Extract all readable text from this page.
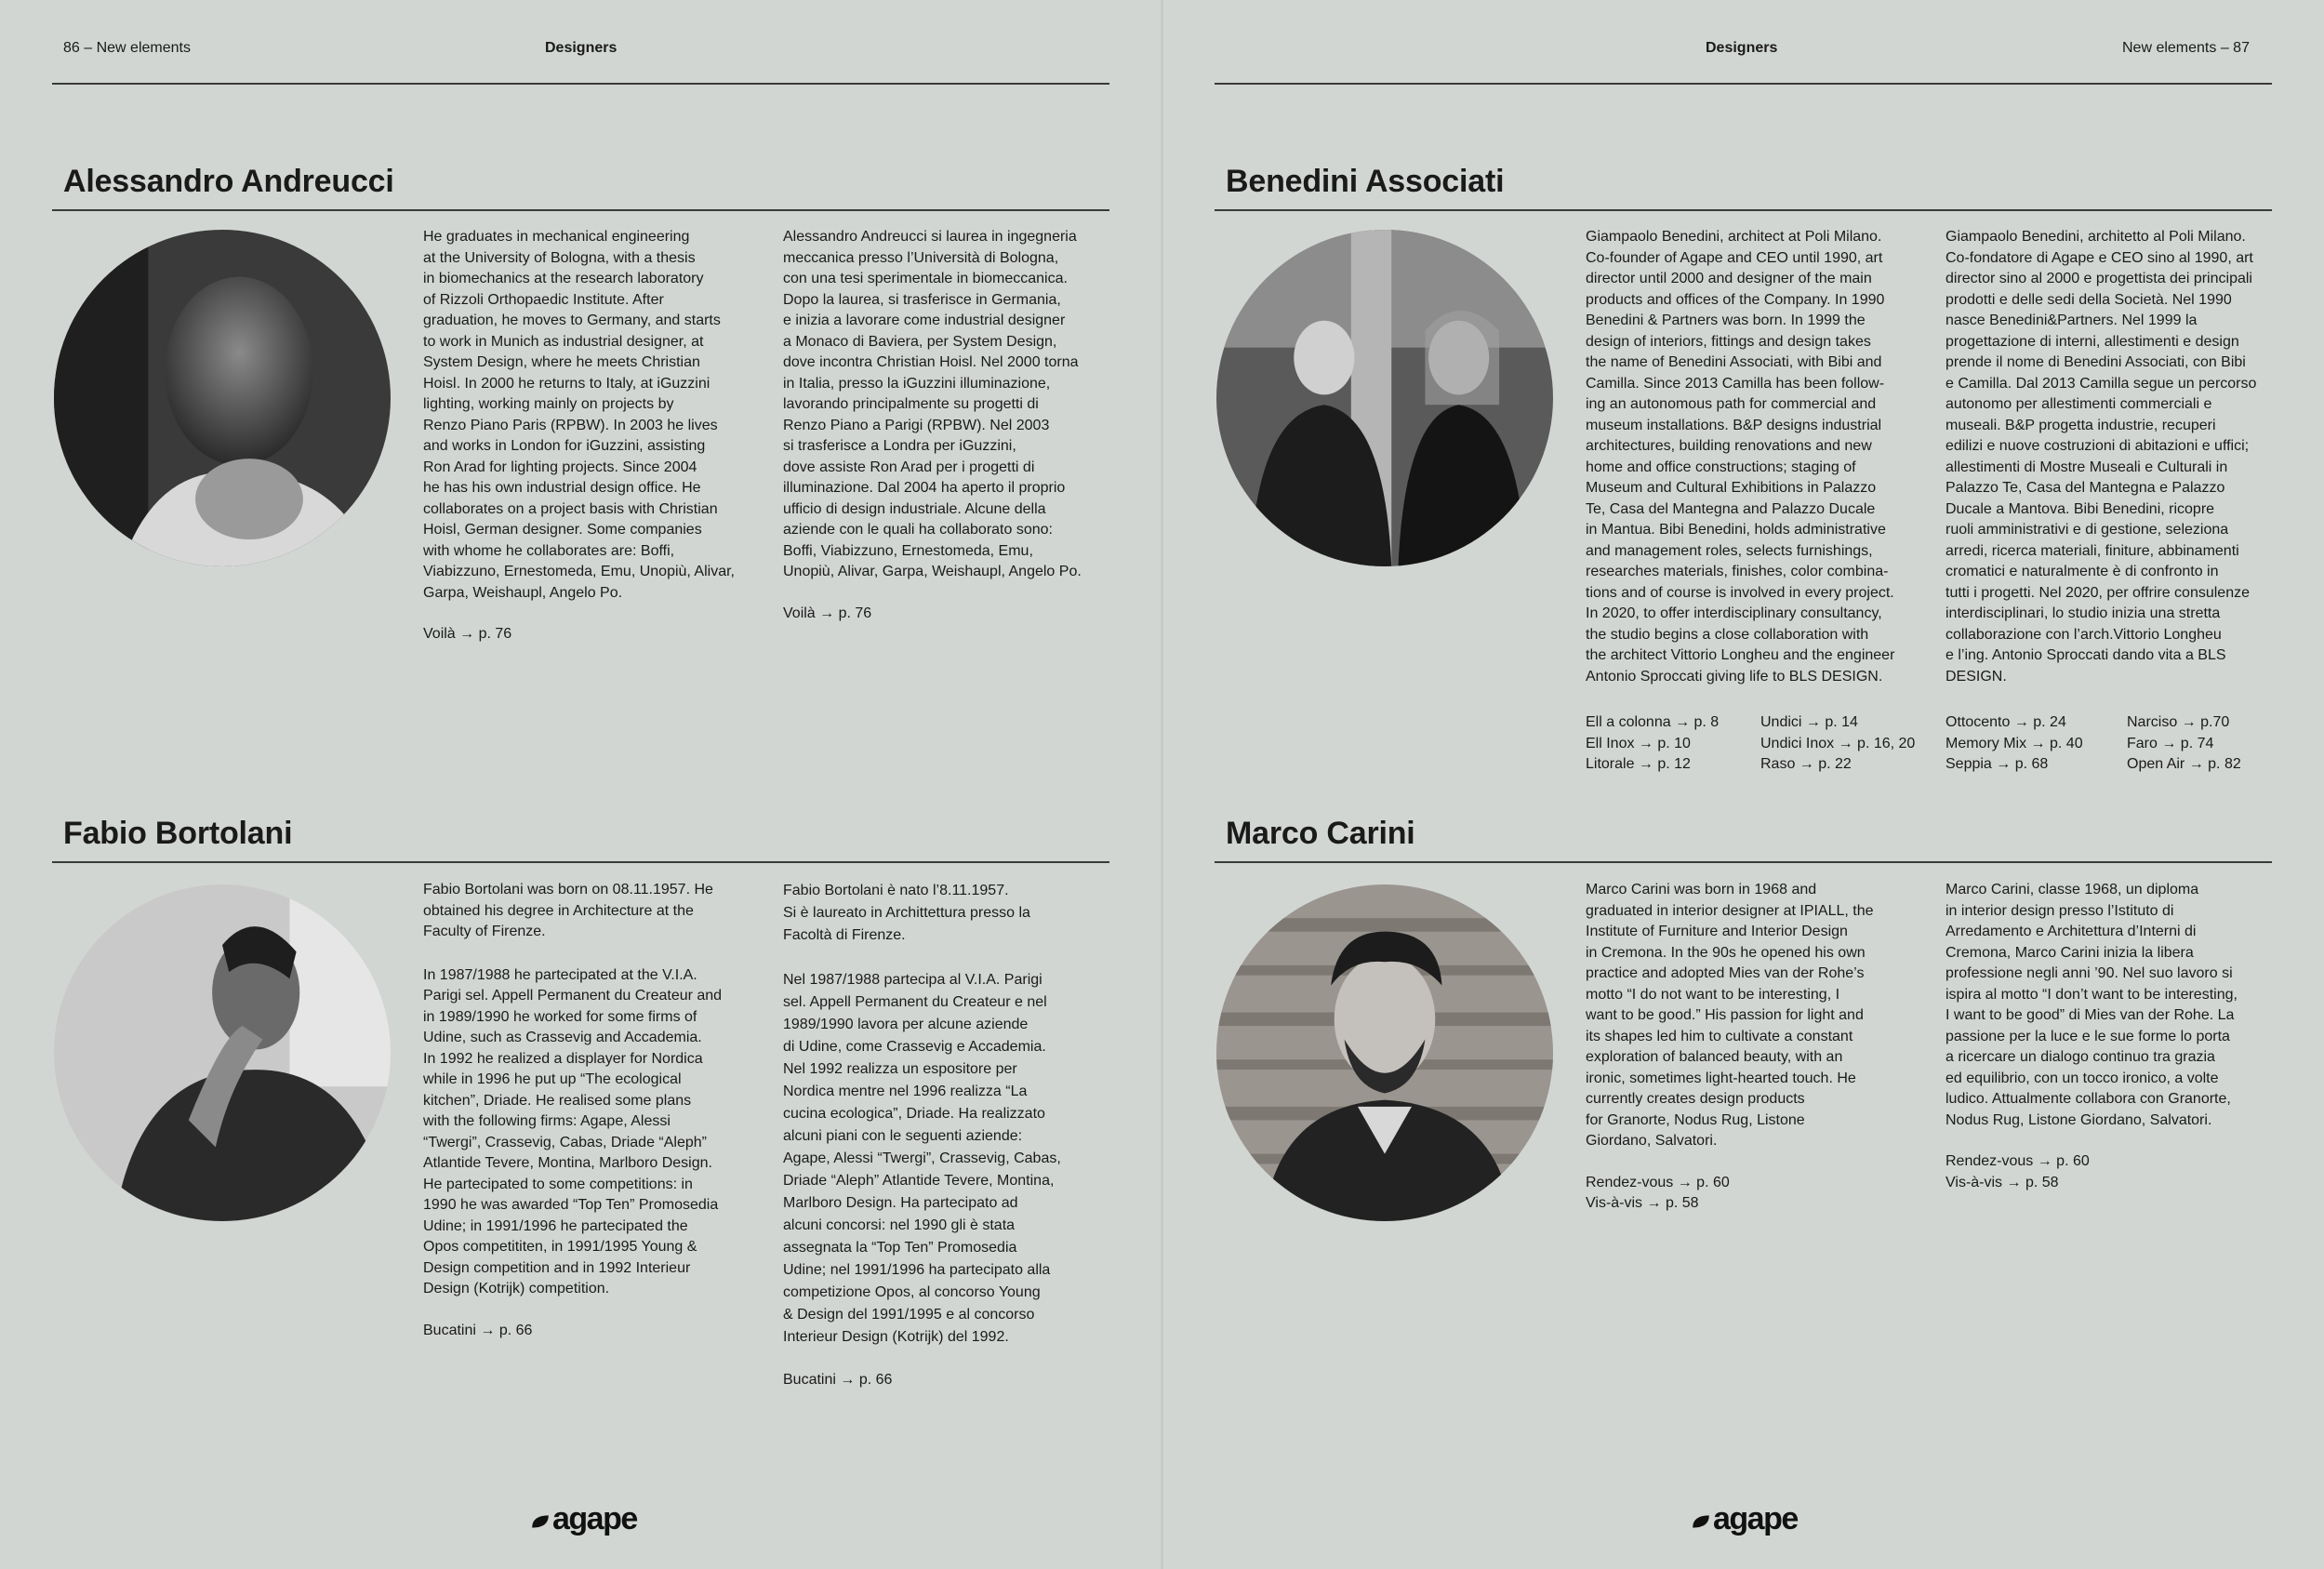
86 – New elements	Designers
Alessandro Andreucci

He graduates in mechanical engineering
at the University of Bologna, with a thesis
in biomechanics at the research laboratory
of Rizzoli Orthopaedic Institute. After
graduation, he moves to Germany, and starts
to work in Munich as industrial designer, at
System Design, where he meets Christian
Hoisl. In 2000 he returns to Italy, at iGuzzini
lighting, working mainly on projects by
Renzo Piano Paris (RPBW). In 2003 he lives
and works in London for iGuzzini, assisting
Ron Arad for lighting projects. Since 2004
he has his own industrial design office. He
collaborates on a project basis with Christian
Hoisl, German designer. Some companies
with whome he collaborates are: Boffi,
Viabizzuno, Ernestomeda, Emu, Unopiù, Alivar,
Garpa, Weishaupl, Angelo Po.

Voilà → p. 76

Alessandro Andreucci si laurea in ingegneria
meccanica presso l’Università di Bologna,
con una tesi sperimentale in biomeccanica.
Dopo la laurea, si trasferisce in Germania,
e inizia a lavorare come industrial designer
a Monaco di Baviera, per System Design,
dove incontra Christian Hoisl. Nel 2000 torna
in Italia, presso la iGuzzini illuminazione,
lavorando principalmente su progetti di
Renzo Piano a Parigi (RPBW). Nel 2003
si trasferisce a Londra per iGuzzini,
dove assiste Ron Arad per i progetti di
illuminazione. Dal 2004 ha aperto il proprio
ufficio di design industriale. Alcune della
aziende con le quali ha collaborato sono:
Boffi, Viabizzuno, Ernestomeda, Emu,
Unopiù, Alivar, Garpa, Weishaupl, Angelo Po.

Voilà → p. 76

Fabio Bortolani

Fabio Bortolani was born on 08.11.1957. He
obtained his degree in Architecture at the
Faculty of Firenze.

In 1987/1988 he partecipated at the V.I.A.
Parigi sel. Appell Permanent du Createur and
in 1989/1990 he worked for some firms of
Udine, such as Crassevig and Accademia.
In 1992 he realized a displayer for Nordica
while in 1996 he put up “The ecological
kitchen”, Driade. He realised some plans
with the following firms: Agape, Alessi
“Twergi”, Crassevig, Cabas, Driade “Aleph”
Atlantide Tevere, Montina, Marlboro Design.
He partecipated to some competitions: in
1990 he was awarded “Top Ten” Promosedia
Udine; in 1991/1996 he partecipated the
Opos competititen, in 1991/1995 Young &
Design competition and in 1992 Interieur
Design (Kotrijk) competition.

Bucatini → p. 66

Fabio Bortolani è nato l’8.11.1957.
Si è laureato in Archittettura presso la
Facoltà di Firenze.

Nel 1987/1988 partecipa al V.I.A. Parigi
sel. Appell Permanent du Createur e nel
1989/1990 lavora per alcune aziende
di Udine, come Crassevig e Accademia.
Nel 1992 realizza un espositore per
Nordica mentre nel 1996 realizza “La
cucina ecologica”, Driade. Ha realizzato
alcuni piani con le seguenti aziende:
Agape, Alessi “Twergi”, Crassevig, Cabas,
Driade “Aleph” Atlantide Tevere, Montina,
Marlboro Design. Ha partecipato ad
alcuni concorsi: nel 1990 gli è stata
assegnata la “Top Ten” Promosedia
Udine; nel 1991/1996 ha partecipato alla
competizione Opos, al concorso Young
& Design del 1991/1995 e al concorso
Interieur Design (Kotrijk) del 1992.

Bucatini → p. 66

agape
Designers	New elements – 87
Benedini Associati

Giampaolo Benedini, architect at Poli Milano.
Co-founder of Agape and CEO until 1990, art
director until 2000 and designer of the main
products and offices of the Company. In 1990
Benedini & Partners was born. In 1999 the
design of interiors, fittings and design takes
the name of Benedini Associati, with Bibi and
Camilla. Since 2013 Camilla has been follow-
ing an autonomous path for commercial and
museum installations. B&P designs industrial
architectures, building renovations and new
home and office constructions; staging of
Museum and Cultural Exhibitions in Palazzo
Te, Casa del Mantegna and Palazzo Ducale
in Mantua. Bibi Benedini, holds administrative
and management roles, selects furnishings,
researches materials, finishes, color combina-
tions and of course is involved in every project.
In 2020, to offer interdisciplinary consultancy,
the studio begins a close collaboration with
the architect Vittorio Longheu and the engineer
Antonio Sproccati giving life to BLS DESIGN.

Giampaolo Benedini, architetto al Poli Milano.
Co-fondatore di Agape e CEO sino al 1990, art
director sino al 2000 e progettista dei principali
prodotti e delle sedi della Società. Nel 1990
nasce Benedini&Partners. Nel 1999 la
progettazione di interni, allestimenti e design
prende il nome di Benedini Associati, con Bibi
e Camilla. Dal 2013 Camilla segue un percorso
autonomo per allestimenti commerciali e
museali. B&P progetta industrie, recuperi
edilizi e nuove costruzioni di abitazioni e uffici;
allestimenti di Mostre Museali e Culturali in
Palazzo Te, Casa del Mantegna e Palazzo
Ducale a Mantova. Bibi Benedini, ricopre
ruoli amministrativi e di gestione, seleziona
arredi, ricerca materiali, finiture, abbinamenti
cromatici e naturalmente è di confronto in
tutti i progetti. Nel 2020, per offrire consulenze
interdisciplinari, lo studio inizia una stretta
collaborazione con l’arch.Vittorio Longheu
e l’ing. Antonio Sproccati dando vita a BLS
DESIGN.

Ell a colonna → p. 8
Ell Inox → p. 10
Litorale → p. 12
Undici → p. 14
Undici Inox → p. 16, 20
Raso → p. 22
Ottocento → p. 24
Memory Mix → p. 40
Seppia → p. 68
Narciso → p.70
Faro → p. 74
Open Air → p. 82
Marco Carini

Marco Carini was born in 1968 and
graduated in interior designer at IPIALL, the
Institute of Furniture and Interior Design
in Cremona. In the 90s he opened his own
practice and adopted Mies van der Rohe’s
motto “I do not want to be interesting, I
want to be good.” His passion for light and
its shapes led him to cultivate a constant
exploration of balanced beauty, with an
ironic, sometimes light-hearted touch. He
currently creates design products
for Granorte, Nodus Rug, Listone
Giordano, Salvatori.

Rendez-vous → p. 60
Vis-à-vis → p. 58

Marco Carini, classe 1968, un diploma
in interior design presso l’Istituto di
Arredamento e Architettura d’Interni di
Cremona, Marco Carini inizia la libera
professione negli anni ’90. Nel suo lavoro si
ispira al motto “I don’t want to be interesting,
I want to be good” di Mies van der Rohe. La
passione per la luce e le sue forme lo porta
a ricercare un dialogo continuo tra grazia
ed equilibrio, con un tocco ironico, a volte
ludico. Attualmente collabora con Granorte,
Nodus Rug, Listone Giordano, Salvatori.

Rendez-vous → p. 60
Vis-à-vis → p. 58
agape
